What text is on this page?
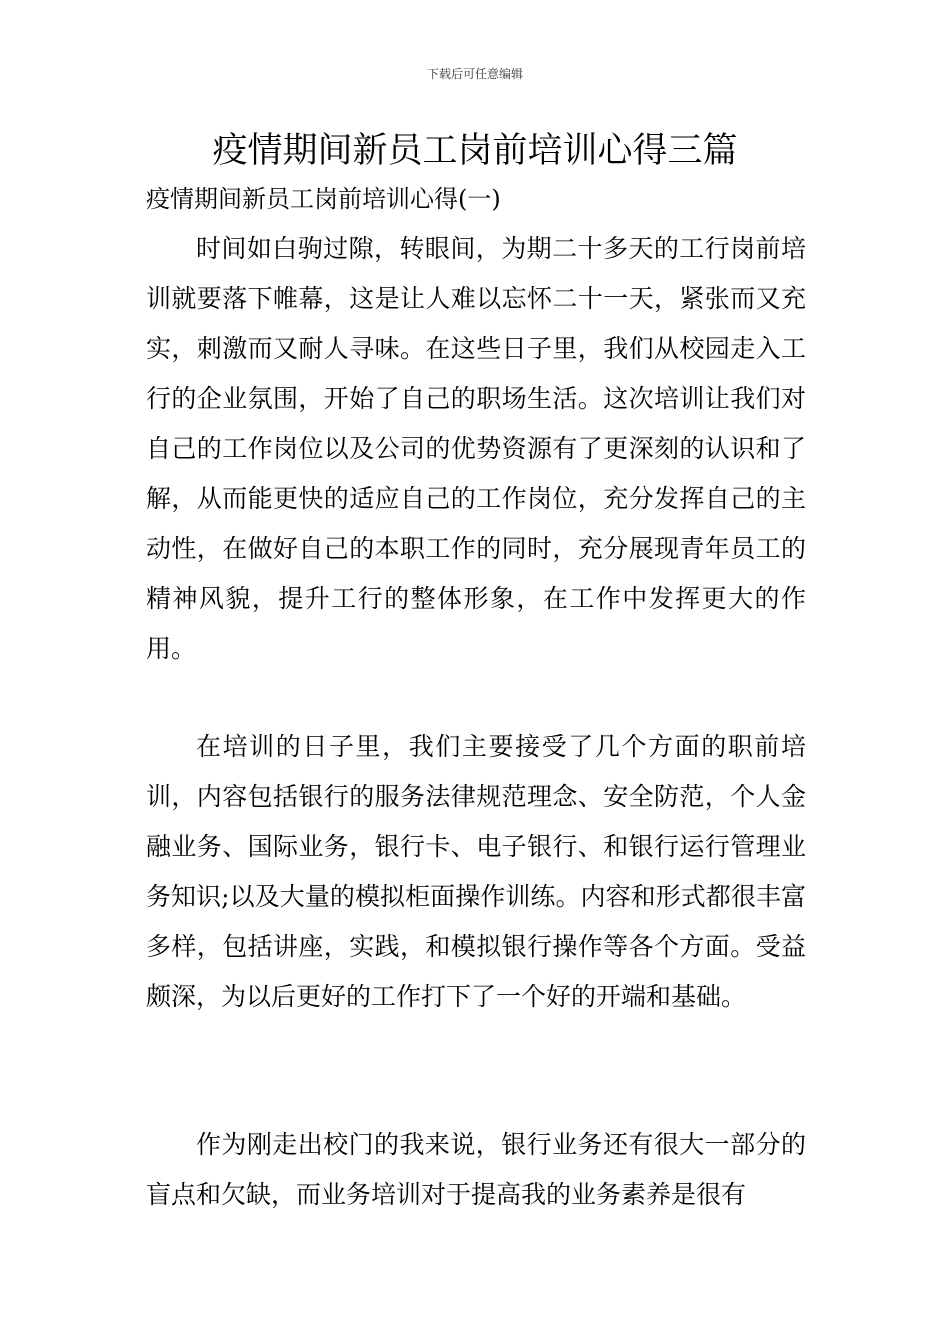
下载后可任意编辑
疫情期间新员工岗前培训心得三篇
疫情期间新员工岗前培训心得(一)

时间如白驹过隙，转眼间，为期二十多天的工行岗前培训就要落下帷幕，这是让人难以忘怀二十一天，紧张而又充实，刺激而又耐人寻味。在这些日子里，我们从校园走入工行的企业氛围，开始了自己的职场生活。这次培训让我们对自己的工作岗位以及公司的优势资源有了更深刻的认识和了解，从而能更快的适应自己的工作岗位，充分发挥自己的主动性，在做好自己的本职工作的同时，充分展现青年员工的精神风貌，提升工行的整体形象，在工作中发挥更大的作用。

在培训的日子里，我们主要接受了几个方面的职前培训，内容包括银行的服务法律规范理念、安全防范，个人金融业务、国际业务，银行卡、电子银行、和银行运行管理业务知识;以及大量的模拟柜面操作训练。内容和形式都很丰富多样，包括讲座，实践，和模拟银行操作等各个方面。受益颇深，为以后更好的工作打下了一个好的开端和基础。

作为刚走出校门的我来说，银行业务还有很大一部分的盲点和欠缺，而业务培训对于提高我的业务素养是很有
